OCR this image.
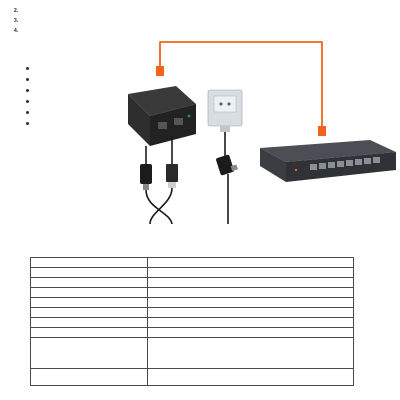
2.
3.
4.
